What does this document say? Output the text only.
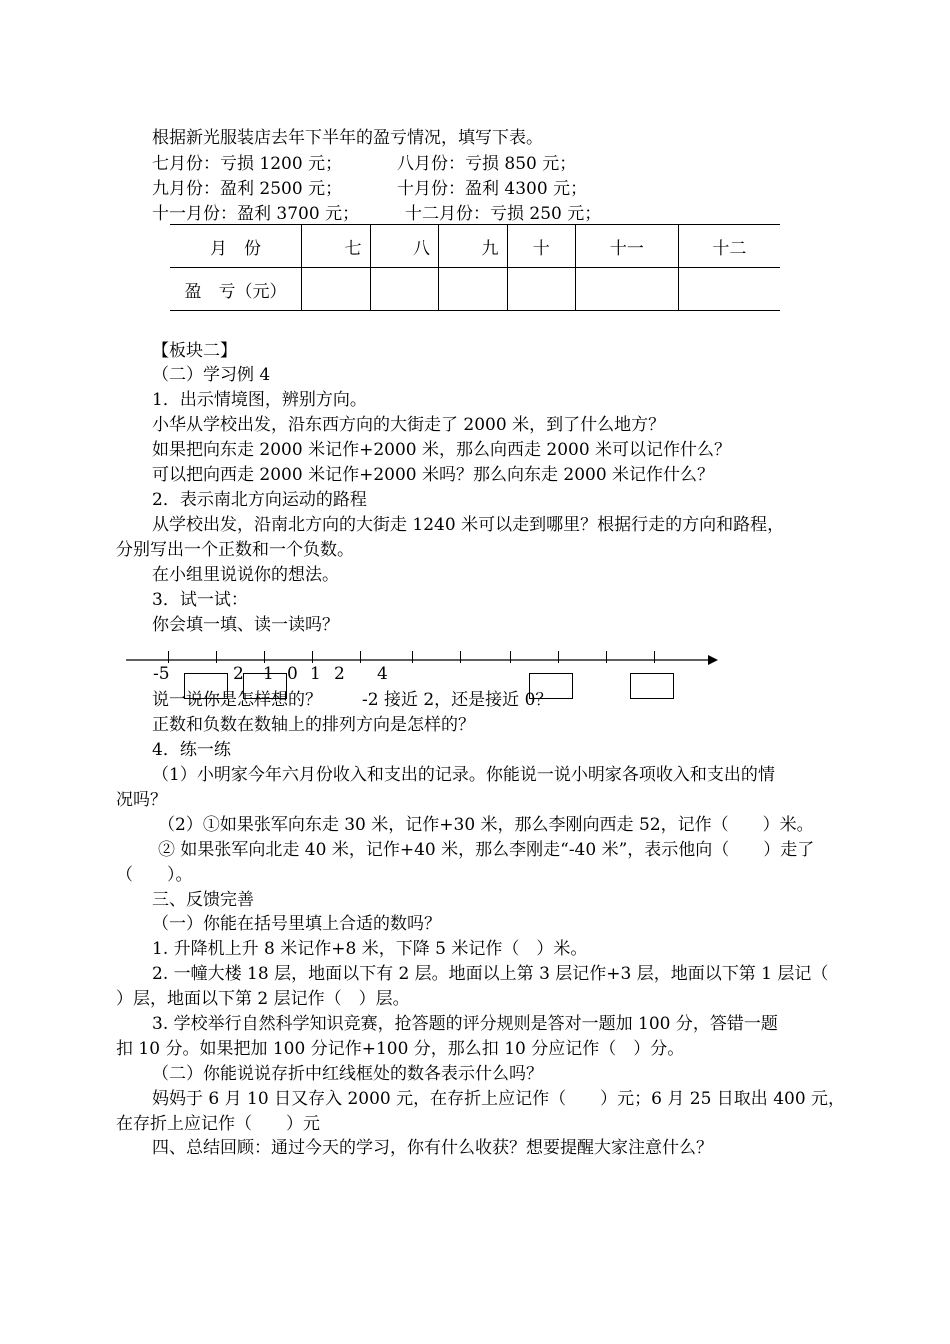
根据新光服装店去年下半年的盈亏情况，填写下表。
七月份：亏损 1200 元；	八月份：亏损 850 元；
九月份：盈利 2500 元；	十月份：盈利 4300 元；
十一月份：盈利 3700 元；	十二月份：亏损 250 元；
月　份	七	八	九	十	十一	十二
盈　亏（元）						
【板块二】
（二）学习例 4
1．出示情境图，辨别方向。
小华从学校出发，沿东西方向的大街走了 2000 米，到了什么地方？
如果把向东走 2000 米记作+2000 米，那么向西走 2000 米可以记作什么？
可以把向西走 2000 米记作+2000 米吗？那么向东走 2000 米记作什么？
2．表示南北方向运动的路程
从学校出发，沿南北方向的大街走 1240 米可以走到哪里？根据行走的方向和路程，
分别写出一个正数和一个负数。
在小组里说说你的想法。
3．试一试：
你会填一填、读一读吗？
-5	2 1 0 1 2 4
说一说你是怎样想的？ -2 接近 2，还是接近 0？
正数和负数在数轴上的排列方向是怎样的？
4．练一练
（1）小明家今年六月份收入和支出的记录。你能说一说小明家各项收入和支出的情
况吗？
（2）①如果张军向东走 30 米，记作+30 米，那么李刚向西走 52，记作（　　）米。
② 如果张军向北走 40 米，记作+40 米，那么李刚走“-40 米”，表示他向（　　）走了
（　　）。
三、反馈完善
（一）你能在括号里填上合适的数吗？
1. 升降机上升 8 米记作+8 米，下降 5 米记作（　）米。
2. 一幢大楼 18 层，地面以下有 2 层。地面以上第 3 层记作+3 层，地面以下第 1 层记（
）层，地面以下第 2 层记作（　）层。
3. 学校举行自然科学知识竞赛，抢答题的评分规则是答对一题加 100 分，答错一题
扣 10 分。如果把加 100 分记作+100 分，那么扣 10 分应记作（　）分。
（二）你能说说存折中红线框处的数各表示什么吗？
妈妈于 6 月 10 日又存入 2000 元，在存折上应记作（　　）元；6 月 25 日取出 400 元，
在存折上应记作（　　）元
四、总结回顾：通过今天的学习，你有什么收获？想要提醒大家注意什么？
